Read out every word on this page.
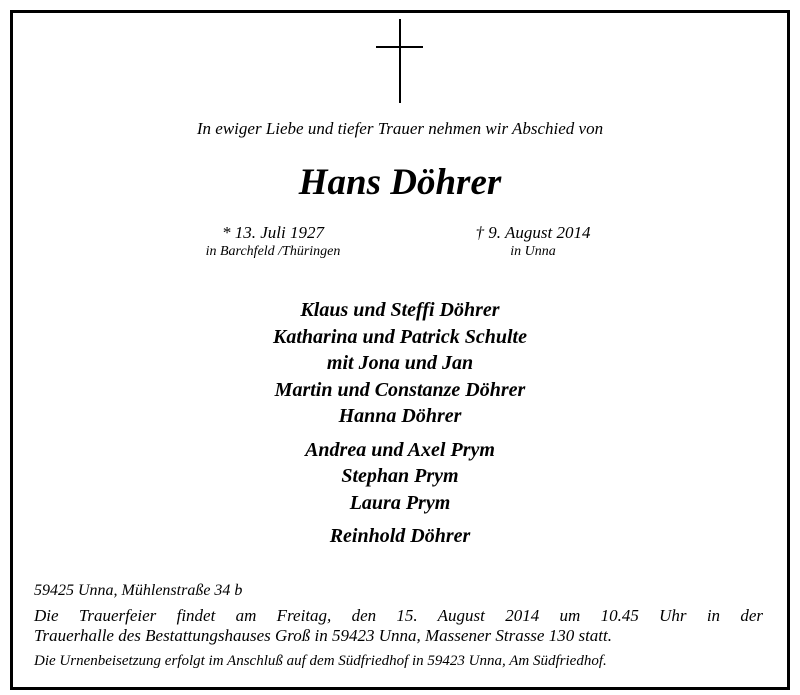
In ewiger Liebe und tiefer Trauer nehmen wir Abschied von
Hans Döhrer
* 13. Juli 1927
in Barchfeld /Thüringen
† 9. August 2014
in Unna
Klaus und Steffi Döhrer
Katharina und Patrick Schulte
mit Jona und Jan
Martin und Constanze Döhrer
Hanna Döhrer
Andrea und Axel Prym
Stephan Prym
Laura Prym
Reinhold Döhrer
59425 Unna, Mühlenstraße 34 b
Die Trauerfeier findet am Freitag, den 15. August 2014 um 10.45 Uhr in der
Trauerhalle des Bestattungshauses Groß in 59423 Unna, Massener Strasse 130 statt.
Die Urnenbeisetzung erfolgt im Anschluß auf dem Südfriedhof in 59423 Unna, Am Südfriedhof.
